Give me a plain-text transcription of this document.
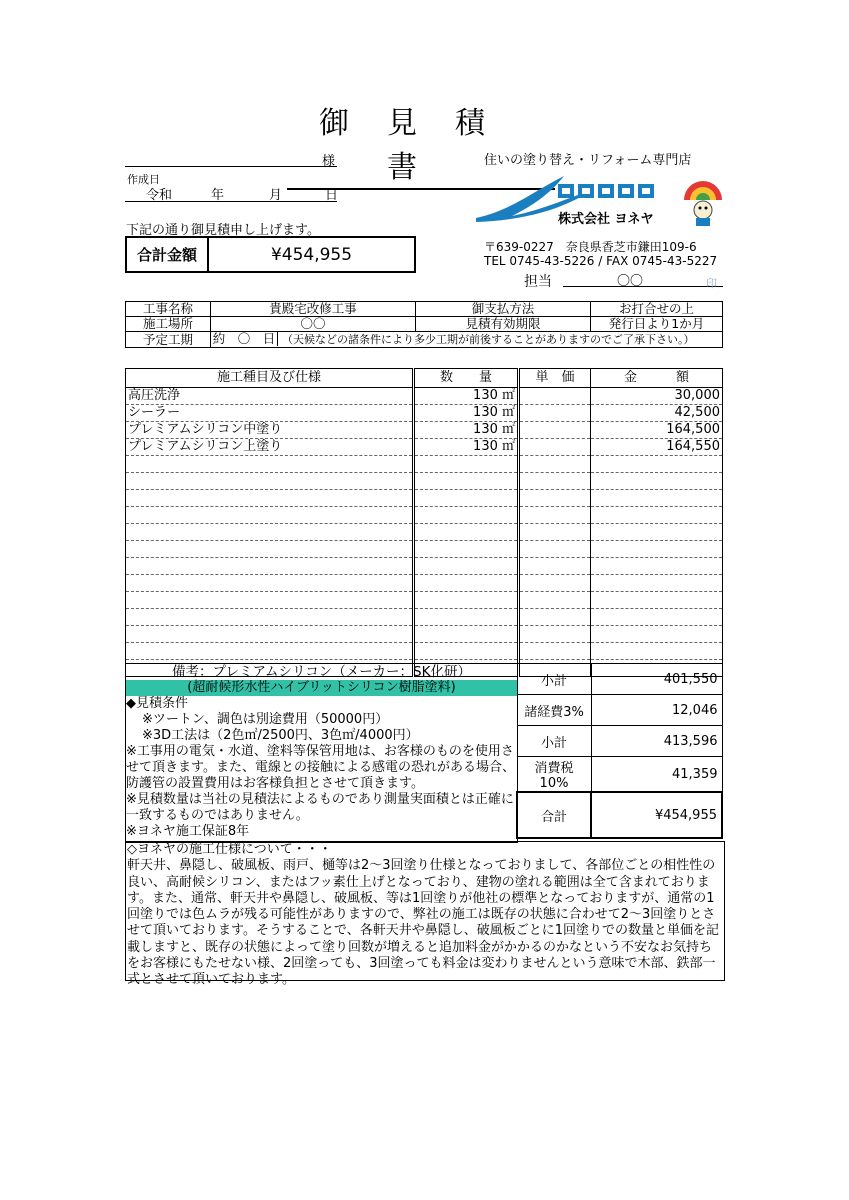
御見積書
様
作成日
令和	年	月	日
下記の通り御見積申し上げます。
合計金額	¥454,955
住いの塗り替え・リフォーム専門店
株式会社 ヨネヤ
〒639-0227　奈良県香芝市鎌田109-6
TEL 0745-43-5226 / FAX 0745-43-5227
担当	〇〇	印
工事名称	貴殿宅改修工事	御支払方法	お打合せの上
施工場所	〇〇	見積有効期限	発行日より1か月
予定工期	約　〇　日 （天候などの諸条件により多少工期が前後することがありますのでご了承下さい。）		
施工種目及び仕様	数　　量	単　価	金　　　額
高圧洗浄	130 ㎡		30,000
シーラー	130 ㎡		42,500
プレミアムシリコン中塗り	130 ㎡		164,500
プレミアムシリコン上塗り	130 ㎡		164,550

備考：プレミアムシリコン（メーカー：SK化研）
(超耐候形水性ハイブリットシリコン樹脂塗料)
◆見積条件
※ツートン、調色は別途費用（50000円）
※3D工法は（2色㎡/2500円、3色㎡/4000円）
※工事用の電気・水道、塗料等保管用地は、お客様のものを使用させて頂きます。また、電線との接触による感電の恐れがある場合、防護管の設置費用はお客様負担とさせて頂きます。
※見積数量は当社の見積法によるものであり測量実面積とは正確に一致するものではありません。
※ヨネヤ施工保証8年
小計	401,550
諸経費3%	12,046
小計	413,596
消費税10%	41,359
合計	¥454,955
◇ヨネヤの施工仕様について・・・
軒天井、鼻隠し、破風板、雨戸、樋等は2～3回塗り仕様となっておりまして、各部位ごとの相性性の良い、高耐候シリコン、またはフッ素仕上げとなっており、建物の塗れる範囲は全て含まれております。また、通常、軒天井や鼻隠し、破風板、等は1回塗りが他社の標準となっておりますが、通常の1回塗りでは色ムラが残る可能性がありますので、弊社の施工は既存の状態に合わせて2～3回塗りとさせて頂いております。そうすることで、各軒天井や鼻隠し、破風板ごとに1回塗りでの数量と単価を記載しますと、既存の状態によって塗り回数が増えると追加料金がかかるのかなという不安なお気持ちをお客様にもたせない様、2回塗っても、3回塗っても料金は変わりませんという意味で木部、鉄部一式とさせて頂いております。
